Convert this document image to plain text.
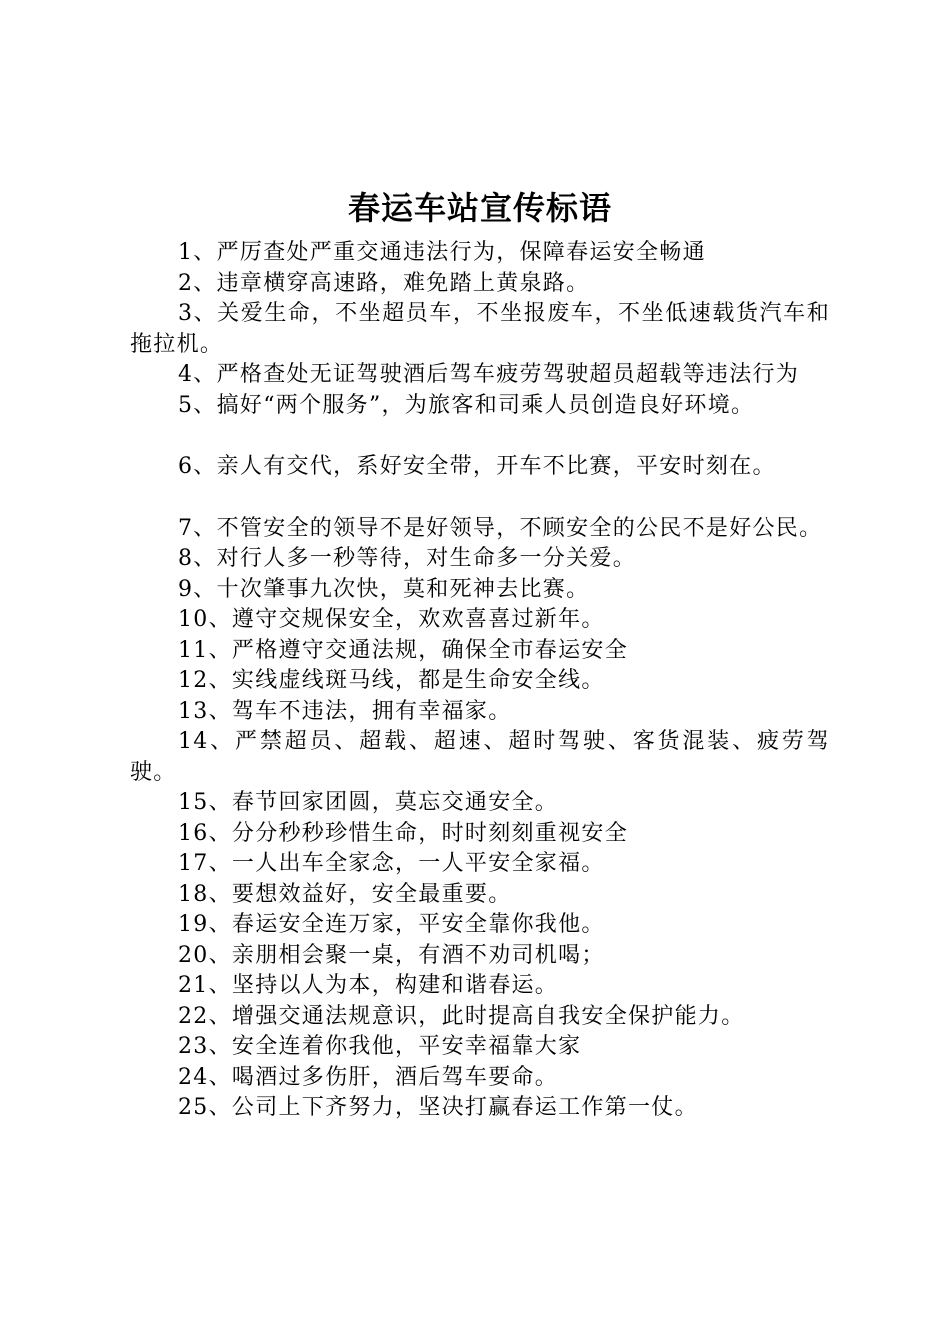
春运车站宣传标语

1、严厉查处严重交通违法行为，保障春运安全畅通

2、违章横穿高速路，难免踏上黄泉路。

3、关爱生命，不坐超员车，不坐报废车，不坐低速载货汽车和拖拉机。

4、严格查处无证驾驶酒后驾车疲劳驾驶超员超载等违法行为

5、搞好“两个服务”，为旅客和司乘人员创造良好环境。

6、亲人有交代，系好安全带，开车不比赛，平安时刻在。

7、不管安全的领导不是好领导，不顾安全的公民不是好公民。

8、对行人多一秒等待，对生命多一分关爱。

9、十次肇事九次快，莫和死神去比赛。

10、遵守交规保安全，欢欢喜喜过新年。

11、严格遵守交通法规，确保全市春运安全

12、实线虚线斑马线，都是生命安全线。

13、驾车不违法，拥有幸福家。

14、严禁超员、超载、超速、超时驾驶、客货混装、疲劳驾驶。

15、春节回家团圆，莫忘交通安全。

16、分分秒秒珍惜生命，时时刻刻重视安全

17、一人出车全家念，一人平安全家福。

18、要想效益好，安全最重要。

19、春运安全连万家，平安全靠你我他。

20、亲朋相会聚一桌，有酒不劝司机喝；

21、坚持以人为本，构建和谐春运。

22、增强交通法规意识，此时提高自我安全保护能力。

23、安全连着你我他，平安幸福靠大家

24、喝酒过多伤肝，酒后驾车要命。

25、公司上下齐努力，坚决打赢春运工作第一仗。
